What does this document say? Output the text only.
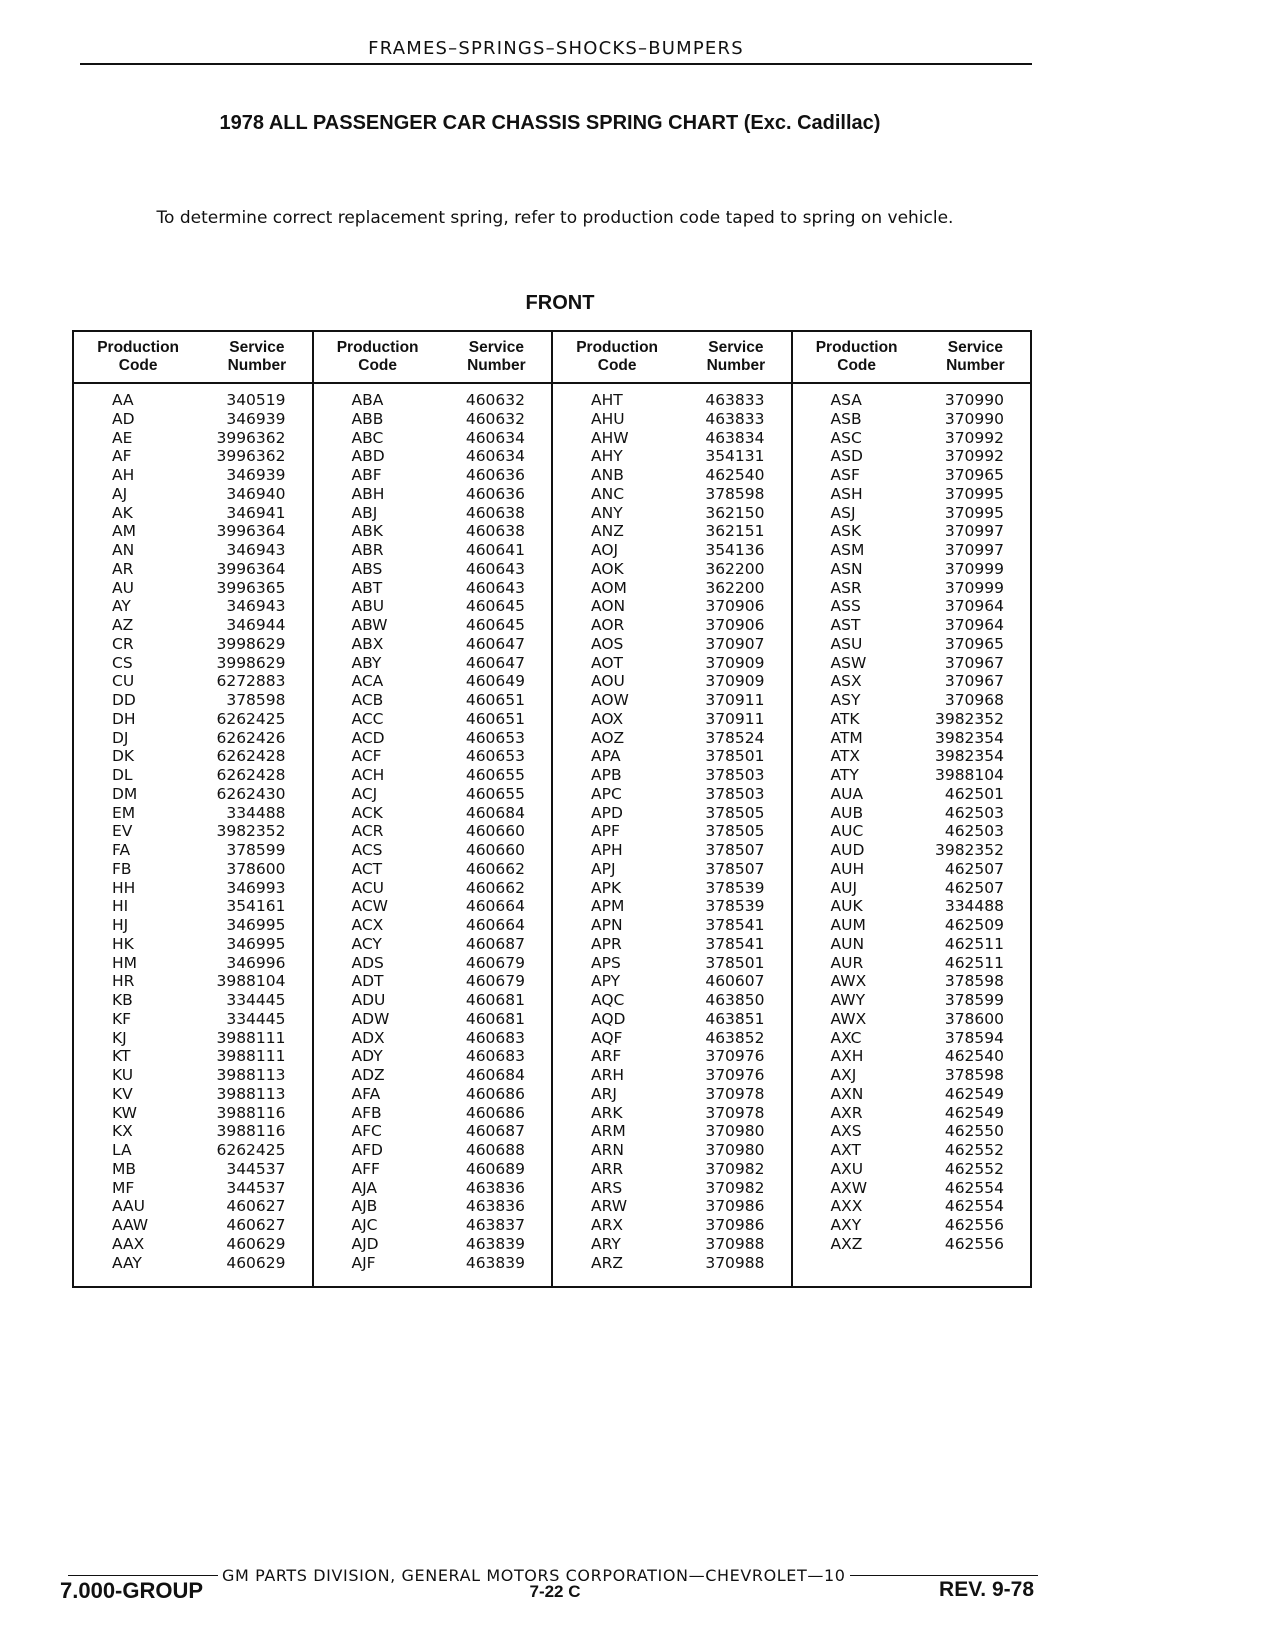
FRAMES–SPRINGS–SHOCKS–BUMPERS
1978 ALL PASSENGER CAR CHASSIS SPRING CHART (Exc. Cadillac)
To determine correct replacement spring, refer to production code taped to spring on vehicle.
FRONT
Production
Code
Service
Number
AA	340519
AD	346939
AE	3996362
AF	3996362
AH	346939
AJ	346940
AK	346941
AM	3996364
AN	346943
AR	3996364
AU	3996365
AY	346943
AZ	346944
CR	3998629
CS	3998629
CU	6272883
DD	378598
DH	6262425
DJ	6262426
DK	6262428
DL	6262428
DM	6262430
EM	334488
EV	3982352
FA	378599
FB	378600
HH	346993
HI	354161
HJ	346995
HK	346995
HM	346996
HR	3988104
KB	334445
KF	334445
KJ	3988111
KT	3988111
KU	3988113
KV	3988113
KW	3988116
KX	3988116
LA	6262425
MB	344537
MF	344537
AAU	460627
AAW	460627
AAX	460629
AAY	460629
Production
Code
Service
Number
ABA	460632
ABB	460632
ABC	460634
ABD	460634
ABF	460636
ABH	460636
ABJ	460638
ABK	460638
ABR	460641
ABS	460643
ABT	460643
ABU	460645
ABW	460645
ABX	460647
ABY	460647
ACA	460649
ACB	460651
ACC	460651
ACD	460653
ACF	460653
ACH	460655
ACJ	460655
ACK	460684
ACR	460660
ACS	460660
ACT	460662
ACU	460662
ACW	460664
ACX	460664
ACY	460687
ADS	460679
ADT	460679
ADU	460681
ADW	460681
ADX	460683
ADY	460683
ADZ	460684
AFA	460686
AFB	460686
AFC	460687
AFD	460688
AFF	460689
AJA	463836
AJB	463836
AJC	463837
AJD	463839
AJF	463839
Production
Code
Service
Number
AHT	463833
AHU	463833
AHW	463834
AHY	354131
ANB	462540
ANC	378598
ANY	362150
ANZ	362151
AOJ	354136
AOK	362200
AOM	362200
AON	370906
AOR	370906
AOS	370907
AOT	370909
AOU	370909
AOW	370911
AOX	370911
AOZ	378524
APA	378501
APB	378503
APC	378503
APD	378505
APF	378505
APH	378507
APJ	378507
APK	378539
APM	378539
APN	378541
APR	378541
APS	378501
APY	460607
AQC	463850
AQD	463851
AQF	463852
ARF	370976
ARH	370976
ARJ	370978
ARK	370978
ARM	370980
ARN	370980
ARR	370982
ARS	370982
ARW	370986
ARX	370986
ARY	370988
ARZ	370988
Production
Code
Service
Number
ASA	370990
ASB	370990
ASC	370992
ASD	370992
ASF	370965
ASH	370995
ASJ	370995
ASK	370997
ASM	370997
ASN	370999
ASR	370999
ASS	370964
AST	370964
ASU	370965
ASW	370967
ASX	370967
ASY	370968
ATK	3982352
ATM	3982354
ATX	3982354
ATY	3988104
AUA	462501
AUB	462503
AUC	462503
AUD	3982352
AUH	462507
AUJ	462507
AUK	334488
AUM	462509
AUN	462511
AUR	462511
AWX	378598
AWY	378599
AWX	378600
AXC	378594
AXH	462540
AXJ	378598
AXN	462549
AXR	462549
AXS	462550
AXT	462552
AXU	462552
AXW	462554
AXX	462554
AXY	462556
AXZ	462556
GM PARTS DIVISION, GENERAL MOTORS CORPORATION—CHEVROLET—10
7.000-GROUP	7-22 C	REV. 9-78
